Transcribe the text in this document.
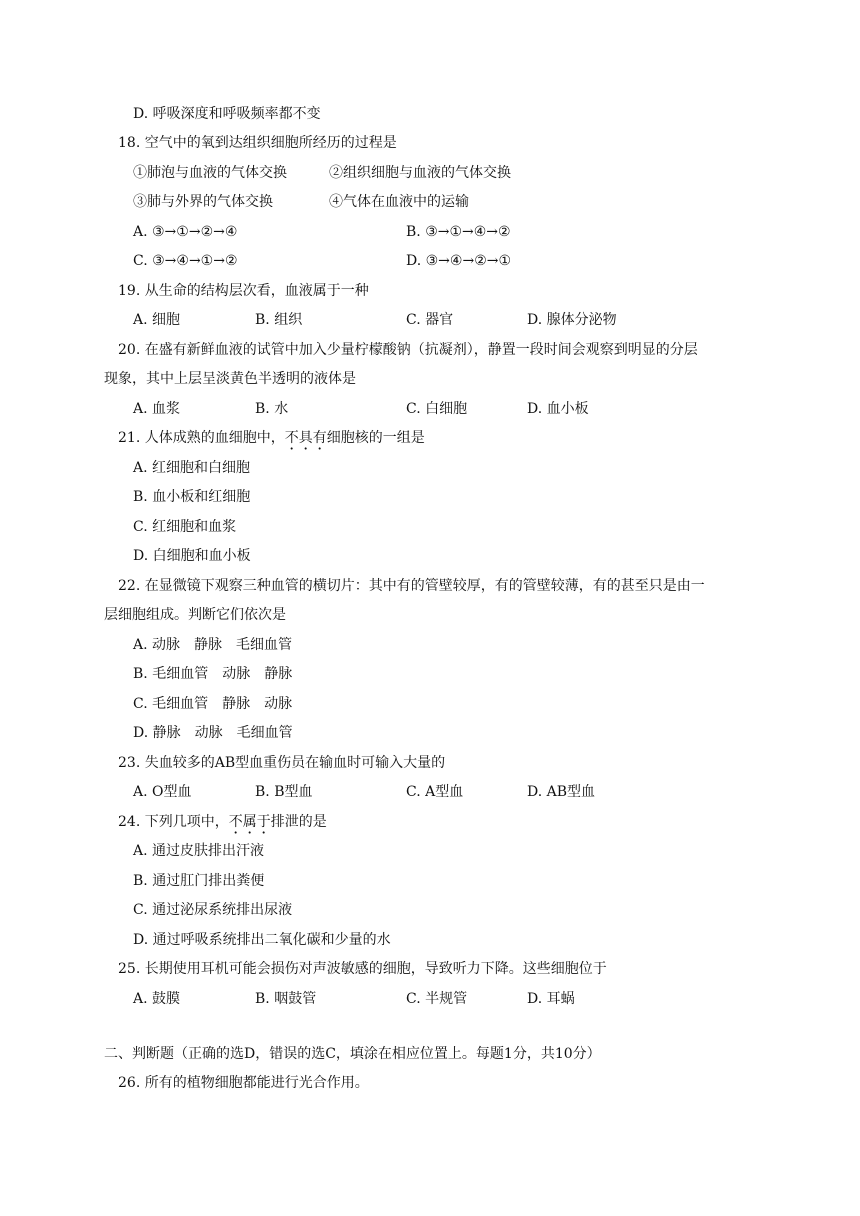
D. 呼吸深度和呼吸频率都不变
18. 空气中的氧到达组织细胞所经历的过程是
①肺泡与血液的气体交换	②组织细胞与血液的气体交换
③肺与外界的气体交换	④气体在血液中的运输
A. ③→①→②→④	B. ③→①→④→②
C. ③→④→①→②	D. ③→④→②→①
19. 从生命的结构层次看，血液属于一种
A. 细胞	B. 组织	C. 器官	D. 腺体分泌物
20. 在盛有新鲜血液的试管中加入少量柠檬酸钠（抗凝剂），静置一段时间会观察到明显的分层
现象，其中上层呈淡黄色半透明的液体是
A. 血浆	B. 水	C. 白细胞	D. 血小板
21. 人体成熟的血细胞中，不具有细胞核的一组是
A. 红细胞和白细胞
B. 血小板和红细胞
C. 红细胞和血浆
D. 白细胞和血小板
22. 在显微镜下观察三种血管的横切片：其中有的管壁较厚，有的管壁较薄，有的甚至只是由一
层细胞组成。判断它们依次是
A. 动脉　静脉　毛细血管
B. 毛细血管　动脉　静脉
C. 毛细血管　静脉　动脉
D. 静脉　动脉　毛细血管
23. 失血较多的AB型血重伤员在输血时可输入大量的
A. O型血	B. B型血	C. A型血	D. AB型血
24. 下列几项中，不属于排泄的是
A. 通过皮肤排出汗液
B. 通过肛门排出粪便
C. 通过泌尿系统排出尿液
D. 通过呼吸系统排出二氧化碳和少量的水
25. 长期使用耳机可能会损伤对声波敏感的细胞，导致听力下降。这些细胞位于
A. 鼓膜	B. 咽鼓管	C. 半规管	D. 耳蜗
二、判断题（正确的选D，错误的选C，填涂在相应位置上。每题1分，共10分）
26. 所有的植物细胞都能进行光合作用。
